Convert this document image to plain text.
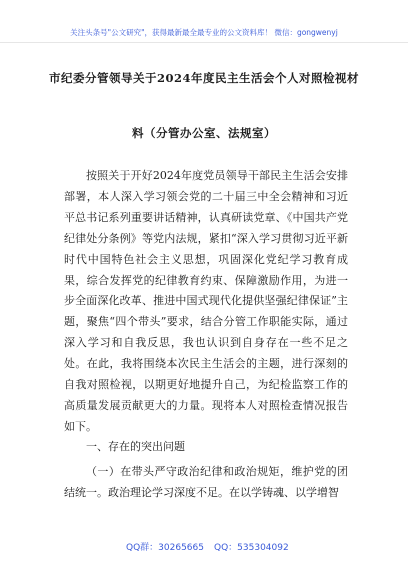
关注头条号"公文研究"，获得最新最全最专业的公文资料库！ 微信：gongwenyj
市纪委分管领导关于2024年度民主生活会个人对照检视材
料（分管办公室、法规室）

按照关于开好2024年度党员领导干部民主生活会安排部署，本人深入学习领会党的二十届三中全会精神和习近平总书记系列重要讲话精神，认真研读党章、《中国共产党纪律处分条例》等党内法规，紧扣“深入学习贯彻习近平新时代中国特色社会主义思想，巩固深化党纪学习教育成果，综合发挥党的纪律教育约束、保障激励作用，为进一步全面深化改革、推进中国式现代化提供坚强纪律保证”主题，聚焦“四个带头”要求，结合分管工作职能实际，通过深入学习和自我反思，我也认识到自身存在一些不足之处。在此，我将围绕本次民主生活会的主题，进行深刻的自我对照检视，以期更好地提升自己，为纪检监察工作的高质量发展贡献更大的力量。现将本人对照检查情况报告如下。

一、存在的突出问题

（一）在带头严守政治纪律和政治规矩，维护党的团结统一。政治理论学习深度不足。在以学铸魂、以学增智

QQ群：30265665 QQ：535304092
